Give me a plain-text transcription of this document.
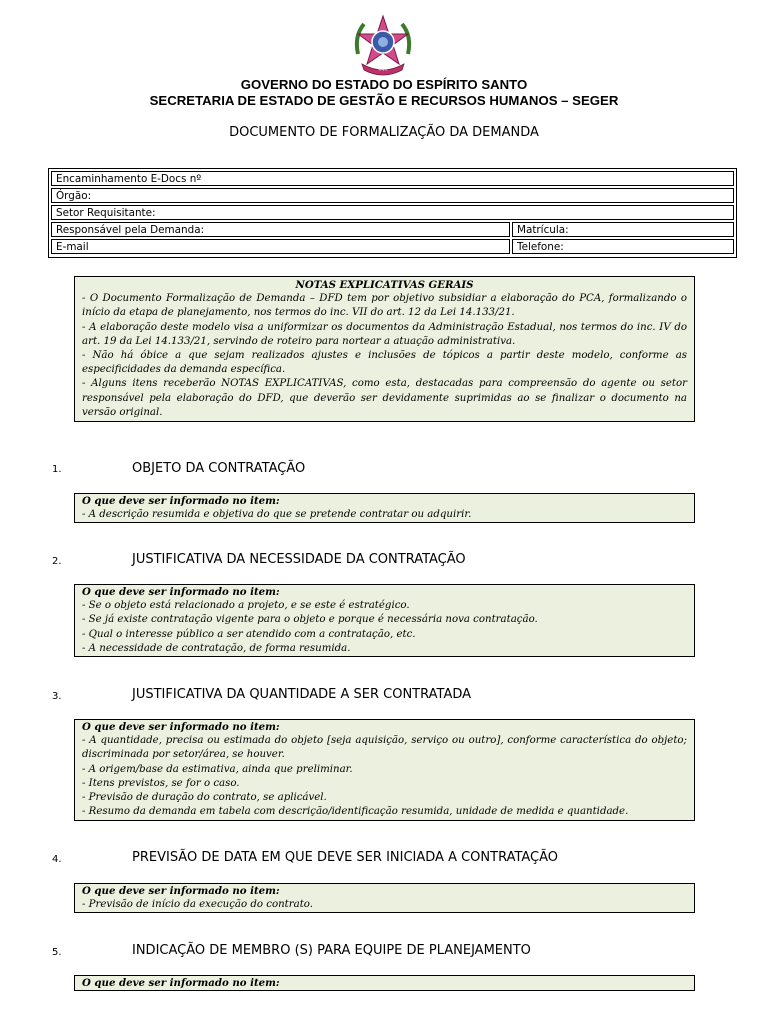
~~~
GOVERNO DO ESTADO DO ESPÍRITO SANTO
SECRETARIA DE ESTADO DE GESTÃO E RECURSOS HUMANOS – SEGER
DOCUMENTO DE FORMALIZAÇÃO DA DEMANDA
Encaminhamento E-Docs nº
Órgão:
Setor Requisitante:
Responsável pela Demanda:	Matrícula:
E-mail	Telefone:

NOTAS EXPLICATIVAS GERAIS

- O Documento Formalização de Demanda – DFD tem por objetivo subsidiar a elaboração do PCA, formalizando o início da etapa de planejamento, nos termos do inc. VII do art. 12 da Lei 14.133/21.

- A elaboração deste modelo visa a uniformizar os documentos da Administração Estadual, nos termos do inc. IV do art. 19 da Lei 14.133/21, servindo de roteiro para nortear a atuação administrativa.

- Não há óbice a que sejam realizados ajustes e inclusões de tópicos a partir deste modelo, conforme as especificidades da demanda específica.

- Alguns itens receberão NOTAS EXPLICATIVAS, como esta, destacadas para compreensão do agente ou setor responsável pela elaboração do DFD, que deverão ser devidamente suprimidas ao se finalizar o documento na versão original.

1.	OBJETO DA CONTRATAÇÃO

O que deve ser informado no item:

- A descrição resumida e objetiva do que se pretende contratar ou adquirir.

2.	JUSTIFICATIVA DA NECESSIDADE DA CONTRATAÇÃO

O que deve ser informado no item:

- Se o objeto está relacionado a projeto, e se este é estratégico.

- Se já existe contratação vigente para o objeto e porque é necessária nova contratação.

- Qual o interesse público a ser atendido com a contratação, etc.

- A necessidade de contratação, de forma resumida.

3.	JUSTIFICATIVA DA QUANTIDADE A SER CONTRATADA

O que deve ser informado no item:

- A quantidade, precisa ou estimada do objeto [seja aquisição, serviço ou outro], conforme característica do objeto; discriminada por setor/área, se houver.

- A origem/base da estimativa, ainda que preliminar.

- Itens previstos, se for o caso.

- Previsão de duração do contrato, se aplicável.

- Resumo da demanda em tabela com descrição/identificação resumida, unidade de medida e quantidade.

4.	PREVISÃO DE DATA EM QUE DEVE SER INICIADA A CONTRATAÇÃO

O que deve ser informado no item:

- Previsão de início da execução do contrato.

5.	INDICAÇÃO DE MEMBRO (S) PARA EQUIPE DE PLANEJAMENTO

O que deve ser informado no item:
